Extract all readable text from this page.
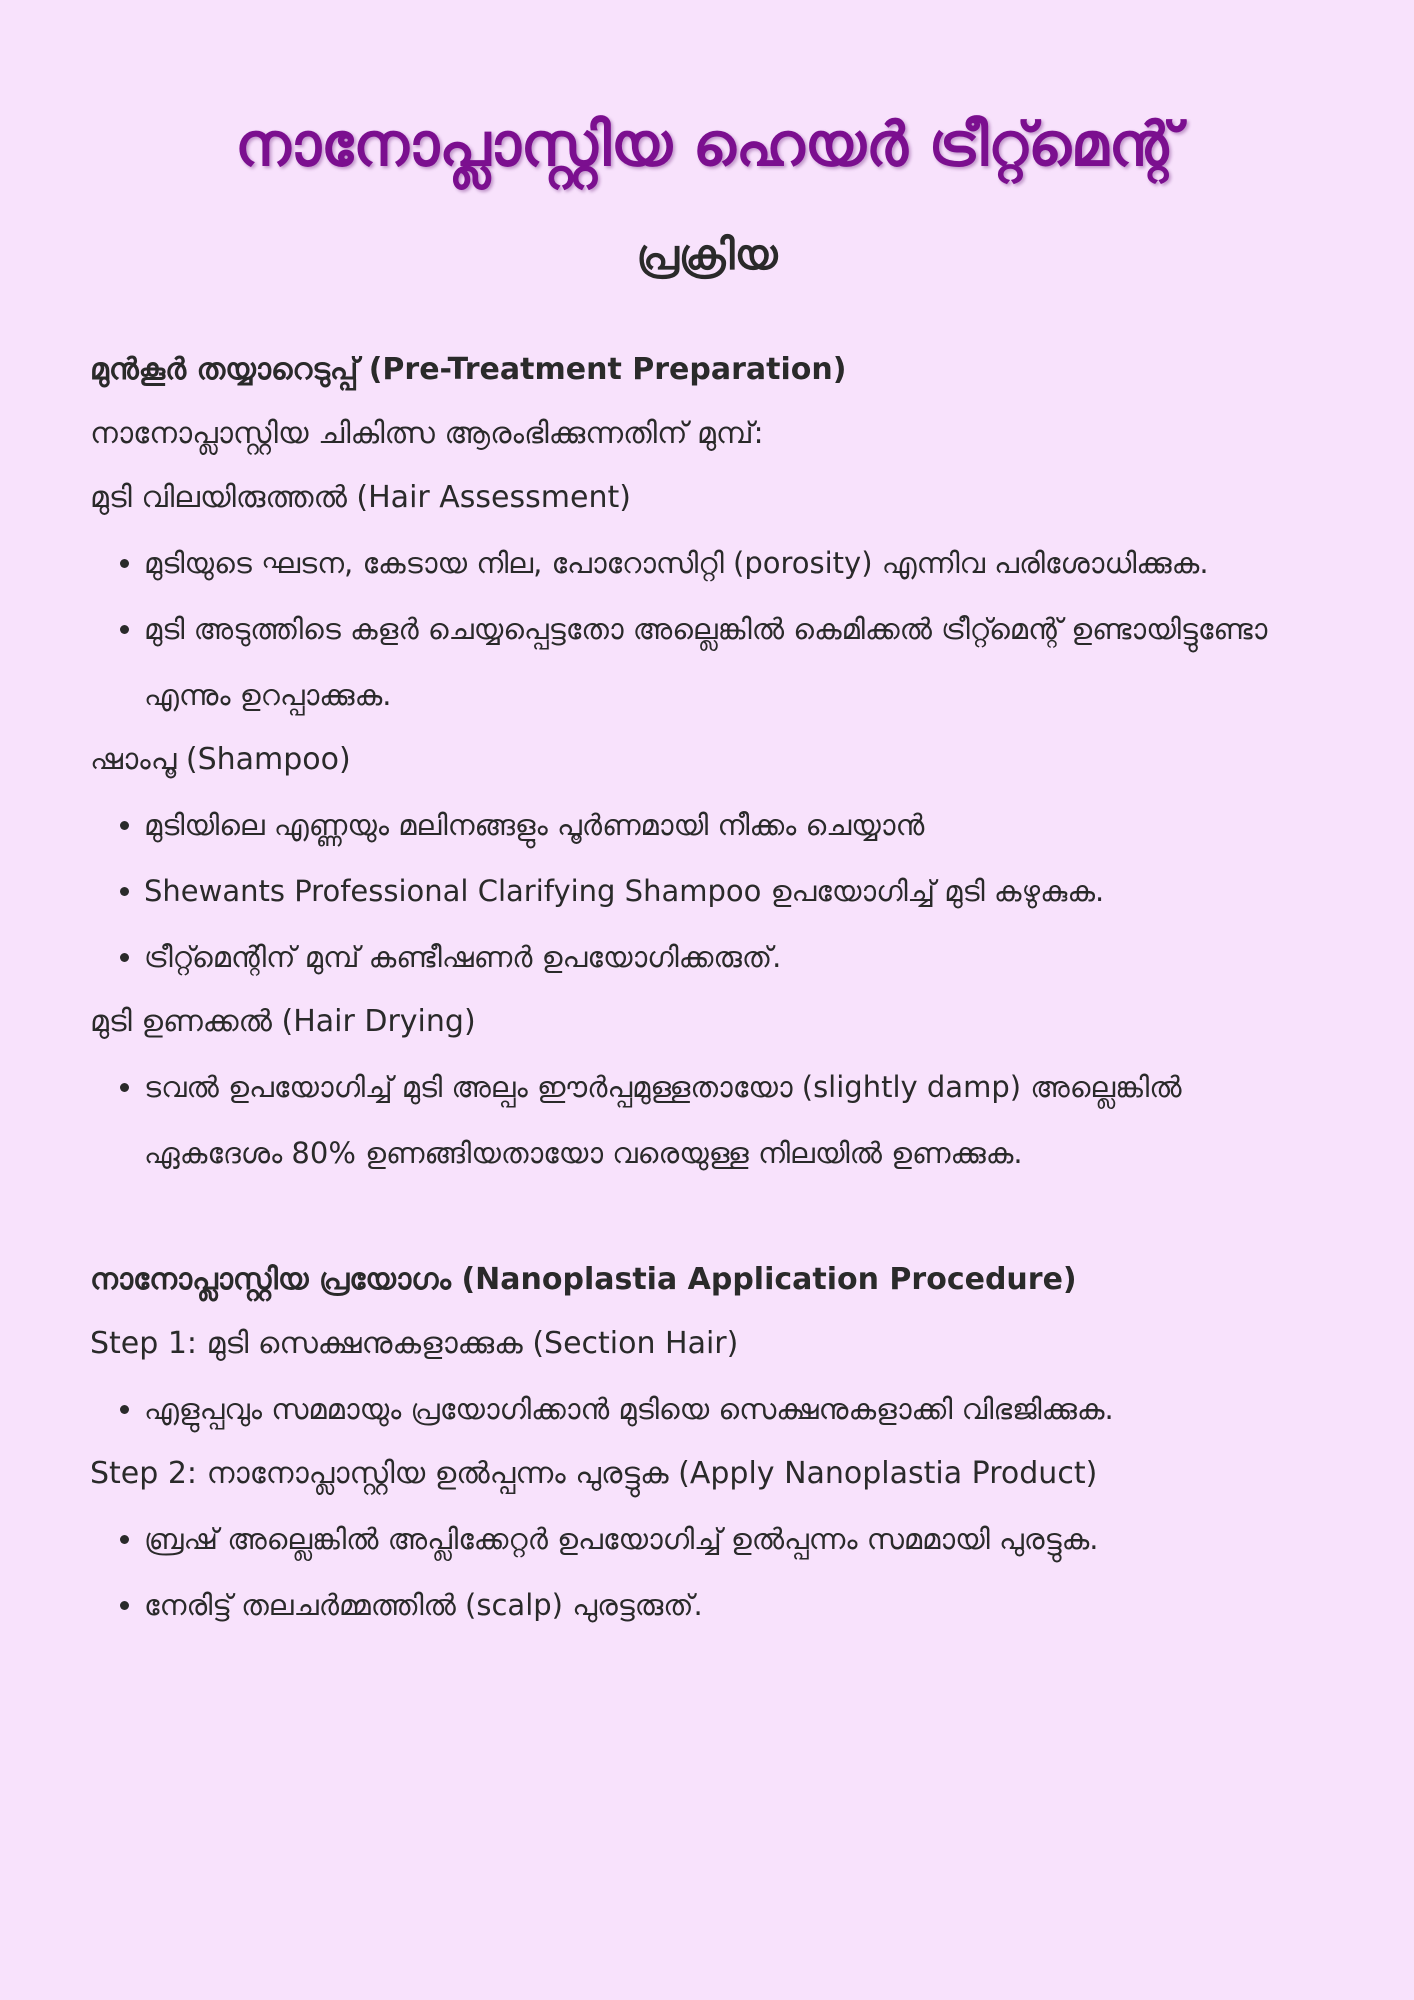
നാനോപ്ലാസ്റ്റിയ ഹെയർ ട്രീറ്റ്മെന്റ്
പ്രക്രിയ
മുൻകൂർ തയ്യാറെടുപ്പ് (Pre-Treatment Preparation)

നാനോപ്ലാസ്റ്റിയ ചികിത്സ ആരംഭിക്കുന്നതിന് മുമ്പ്:

മുടി വിലയിരുത്തൽ (Hair Assessment)

മുടിയുടെ ഘടന, കേടായ നില, പോറോസിറ്റി (porosity) എന്നിവ പരിശോധിക്കുക.
മുടി അടുത്തിടെ കളർ ചെയ്യപ്പെട്ടതോ അല്ലെങ്കിൽ കെമിക്കൽ ട്രീറ്റ്മെന്റ് ഉണ്ടായിട്ടുണ്ടോ എന്നും ഉറപ്പാക്കുക.

ഷാംപൂ (Shampoo)

മുടിയിലെ എണ്ണയും മലിനങ്ങളും പൂർണമായി നീക്കം ചെയ്യാൻ
Shewants Professional Clarifying Shampoo ഉപയോഗിച്ച് മുടി കഴുകുക.
ട്രീറ്റ്മെന്റിന് മുമ്പ് കണ്ടീഷണർ ഉപയോഗിക്കരുത്.

മുടി ഉണക്കൽ (Hair Drying)

ടവൽ ഉപയോഗിച്ച് മുടി അല്പം ഈർപ്പമുള്ളതായോ (slightly damp) അല്ലെങ്കിൽ ഏകദേശം 80% ഉണങ്ങിയതായോ വരെയുള്ള നിലയിൽ ഉണക്കുക.
നാനോപ്ലാസ്റ്റിയ പ്രയോഗം (Nanoplastia Application Procedure)

Step 1: മുടി സെക്ഷനുകളാക്കുക (Section Hair)

എളുപ്പവും സമമായും പ്രയോഗിക്കാൻ മുടിയെ സെക്ഷനുകളാക്കി വിഭജിക്കുക.

Step 2: നാനോപ്ലാസ്റ്റിയ ഉൽപ്പന്നം പുരട്ടുക (Apply Nanoplastia Product)

ബ്രഷ് അല്ലെങ്കിൽ അപ്ലിക്കേറ്റർ ഉപയോഗിച്ച് ഉൽപ്പന്നം സമമായി പുരട്ടുക.
നേരിട്ട് തലചർമ്മത്തിൽ (scalp) പുരട്ടരുത്.
